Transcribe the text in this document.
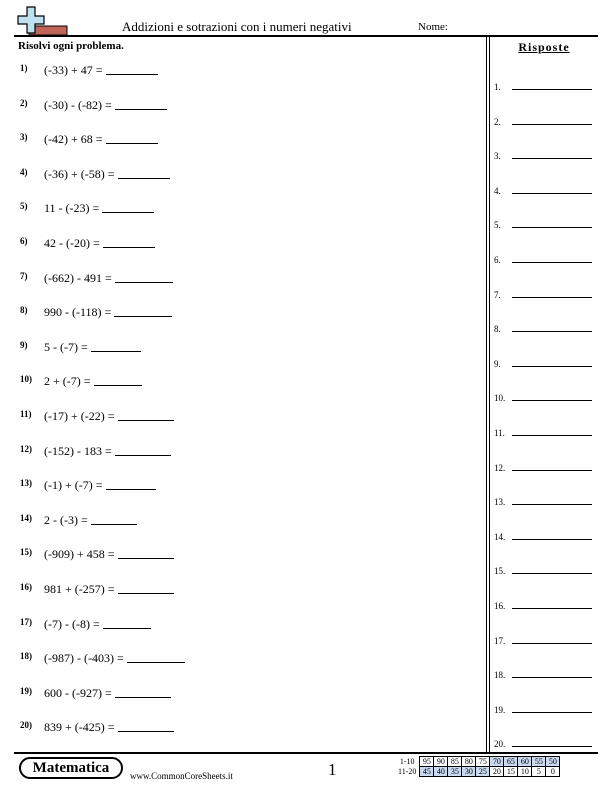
Addizioni e sotrazioni con i numeri negativi	Nome:
Risolvi ogni problema.	Risposte
1) (-33) + 47 =
2) (-30) - (-82) =
3) (-42) + 68 =
4) (-36) + (-58) =
5) 11 - (-23) =
6) 42 - (-20) =
7) (-662) - 491 =
8) 990 - (-118) =
9) 5 - (-7) =
10) 2 + (-7) =
11) (-17) + (-22) =
12) (-152) - 183 =
13) (-1) + (-7) =
14) 2 - (-3) =
15) (-909) + 458 =
16) 981 + (-257) =
17) (-7) - (-8) =
18) (-987) - (-403) =
19) 600 - (-927) =
20) 839 + (-425) =
1.
2.
3.
4.
5.
6.
7.
8.
9.
10.
11.
12.
13.
14.
15.
16.
17.
18.
19.
20.
Matematica	www.CommonCoreSheets.it	1	1-10	95	90	85	80	75	70	65	60	55	50
11-20	45	40	35	30	25	20	15	10	5	0
